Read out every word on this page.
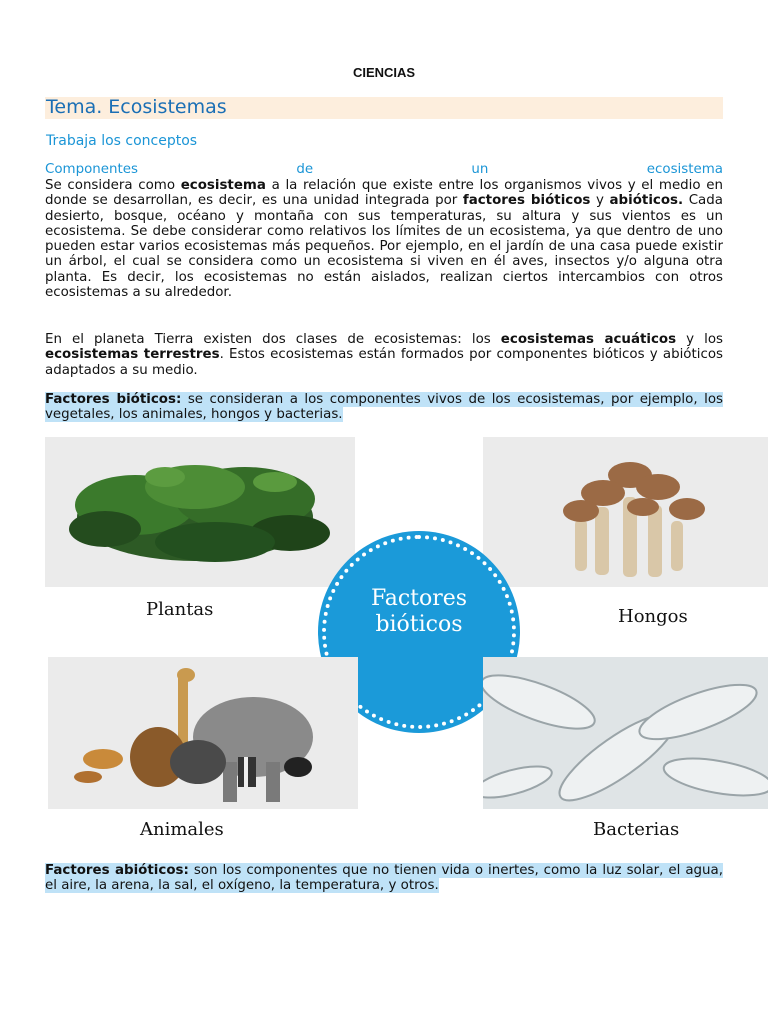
CIENCIAS
Tema. Ecosistemas
Trabaja los conceptos
Componentes de un ecosistema
Se considera como ecosistema a la relación que existe entre los organismos vivos y el medio en donde se desarrollan, es decir, es una unidad integrada por factores bióticos y abióticos. Cada desierto, bosque, océano y montaña con sus temperaturas, su altura y sus vientos es un ecosistema. Se debe considerar como relativos los límites de un ecosistema, ya que dentro de uno pueden estar varios ecosistemas más pequeños. Por ejemplo, en el jardín de una casa puede existir un árbol, el cual se considera como un ecosistema si viven en él aves, insectos y/o alguna otra planta. Es decir, los ecosistemas no están aislados, realizan ciertos intercambios con otros ecosistemas a su alrededor.
En el planeta Tierra existen dos clases de ecosistemas: los ecosistemas acuáticos y los ecosistemas terrestres. Estos ecosistemas están formados por componentes bióticos y abióticos adaptados a su medio.
Factores bióticos: se consideran a los componentes vivos de los ecosistemas, por ejemplo, los vegetales, los animales, hongos y bacterias.
Plantas	Hongos
Factores
bióticos
Animales	Bacterias
Factores abióticos: son los componentes que no tienen vida o inertes, como la luz solar, el agua, el aire, la arena, la sal, el oxígeno, la temperatura, y otros.
